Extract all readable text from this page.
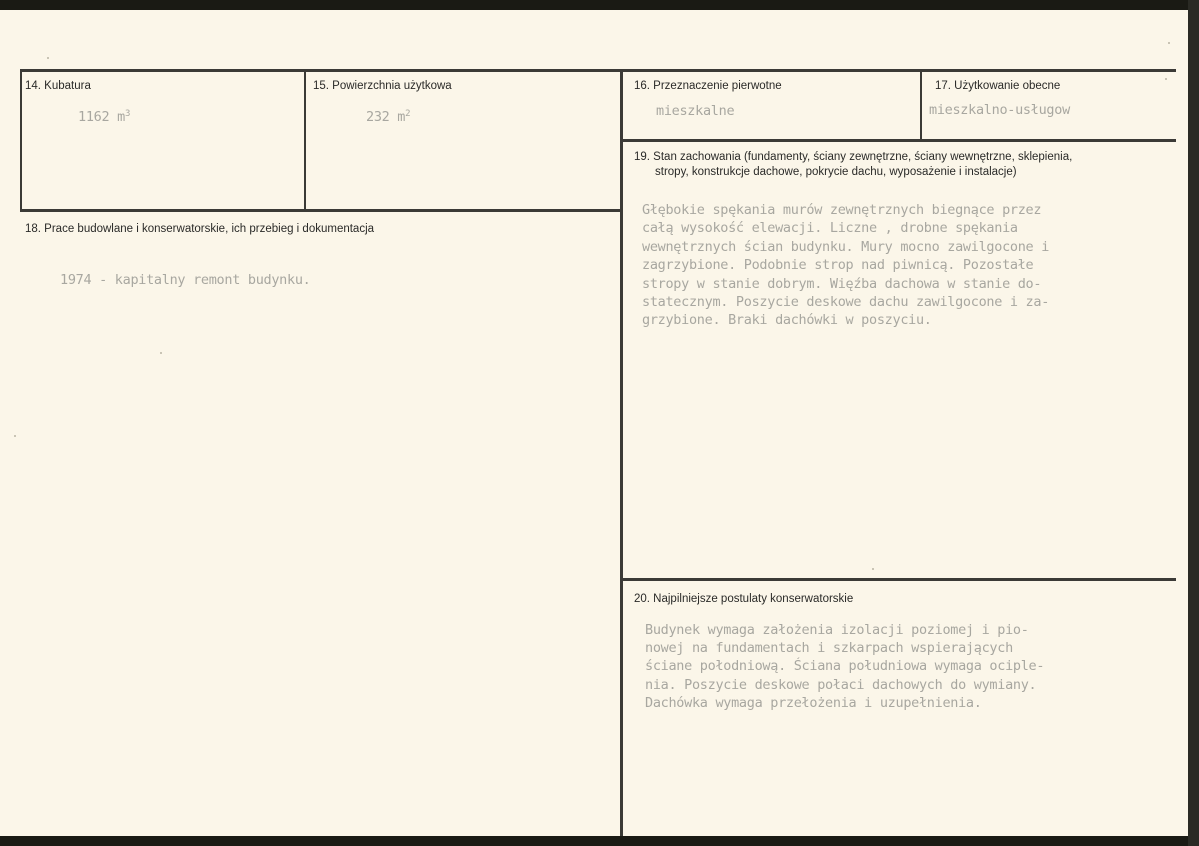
14. Kubatura
1162 $m^3$
15. Powierzchnia użytkowa
232 $m^2$
16. Przeznaczenie pierwotne
mieszkalne
17. Użytkowanie obecne
mieszkalno-usługow
18. Prace budowlane i konserwatorskie, ich przebieg i dokumentacja
1974 - kapitalny remont budynku.
19. Stan zachowania (fundamenty, ściany zewnętrzne, ściany wewnętrzne, sklepienia,
stropy, konstrukcje dachowe, pokrycie dachu, wyposażenie i instalacje)
Głębokie spękania murów zewnętrznych biegnące przez
całą wysokość elewacji. Liczne , drobne spękania
wewnętrznych ścian budynku. Mury mocno zawilgocone i
zagrzybione. Podobnie strop nad piwnicą. Pozostałe
stropy w stanie dobrym. Więźba dachowa w stanie do-
statecznym. Poszycie deskowe dachu zawilgocone i za-
grzybione. Braki dachówki w poszyciu.
20. Najpilniejsze postulaty konserwatorskie
Budynek wymaga założenia izolacji poziomej i pio-
nowej na fundamentach i szkarpach wspierających
ściane połodniową. Ściana południowa wymaga ociple-
nia. Poszycie deskowe połaci dachowych do wymiany.
Dachówka wymaga przełożenia i uzupełnienia.
